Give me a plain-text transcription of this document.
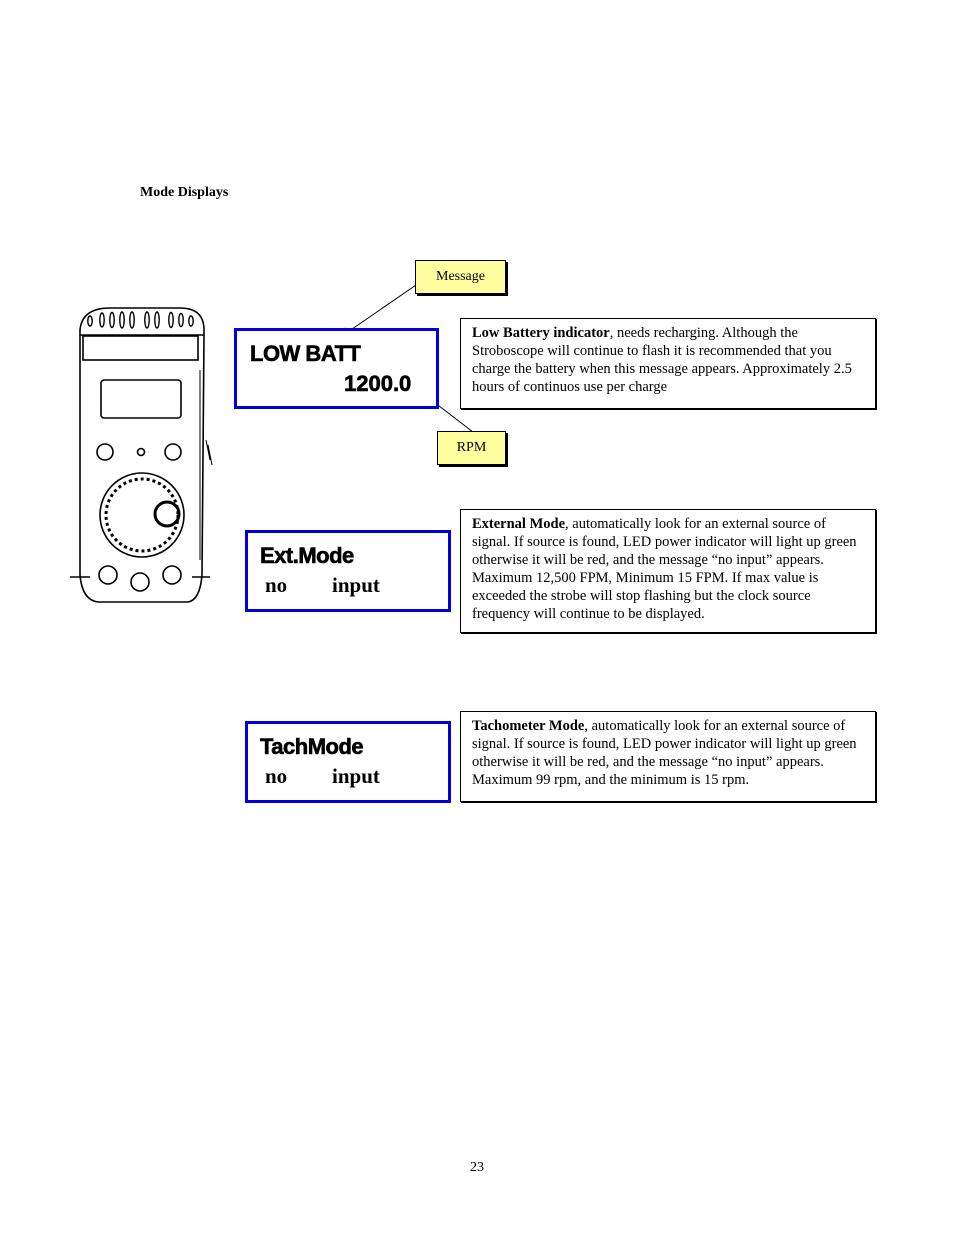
Mode Displays
Message
RPM
LOW BATT
1200.0
Ext.Mode
no input
TachMode
no input
Low Battery indicator, needs recharging. Although the Stroboscope will continue to flash it is recommended that you charge the battery when this message appears. Approximately 2.5 hours of continuos use per charge
External Mode, automatically look for an external source of signal. If source is found, LED power indicator will light up green otherwise it will be red, and the message “no input” appears. Maximum 12,500 FPM, Minimum 15 FPM. If max value is exceeded the strobe will stop flashing but the clock source frequency will continue to be displayed.
Tachometer Mode, automatically look for an external source of signal. If source is found, LED power indicator will light up green otherwise it will be red, and the message “no input” appears. Maximum 99 rpm, and the minimum is 15 rpm.
23
